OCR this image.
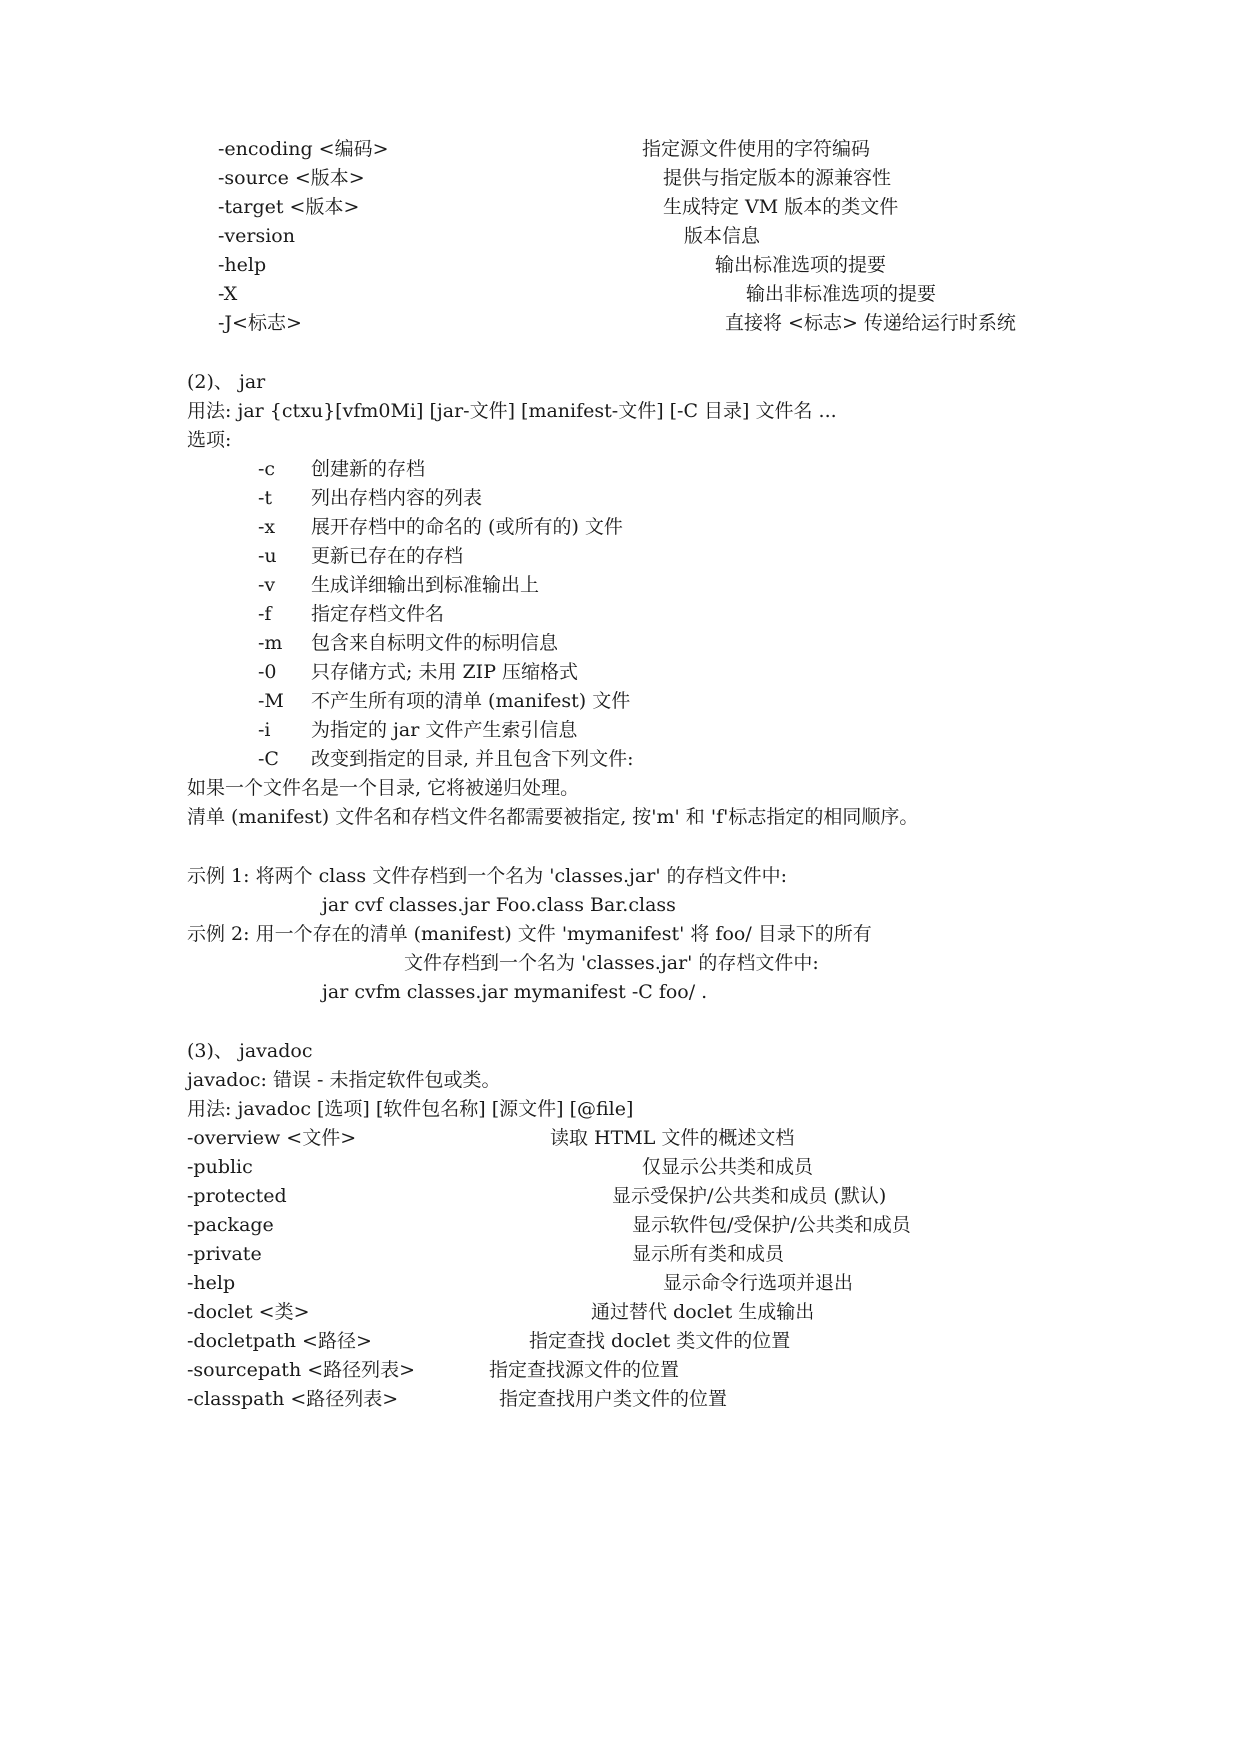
-encoding <编码>	指定源文件使用的字符编码

-source <版本>	提供与指定版本的源兼容性

-target <版本>	生成特定 VM 版本的类文件

-version	版本信息

-help	输出标准选项的提要

-X	输出非标准选项的提要

-J<标志>	直接将 <标志> 传递给运行时系统

(2)、 jar

用法: jar {ctxu}[vfm0Mi] [jar-文件] [manifest-文件] [-C 目录] 文件名 ...

选项:

-c 创建新的存档

-t 列出存档内容的列表

-x 展开存档中的命名的 (或所有的) 文件

-u 更新已存在的存档

-v 生成详细输出到标准输出上

-f 指定存档文件名

-m 包含来自标明文件的标明信息

-0 只存储方式; 未用 ZIP 压缩格式

-M 不产生所有项的清单 (manifest) 文件

-i 为指定的 jar 文件产生索引信息

-C 改变到指定的目录, 并且包含下列文件:

如果一个文件名是一个目录, 它将被递归处理。

清单 (manifest) 文件名和存档文件名都需要被指定, 按'm' 和 'f'标志指定的相同顺序。

示例 1: 将两个 class 文件存档到一个名为 'classes.jar' 的存档文件中:

jar cvf classes.jar Foo.class Bar.class

示例 2: 用一个存在的清单 (manifest) 文件 'mymanifest' 将 foo/ 目录下的所有

文件存档到一个名为 'classes.jar' 的存档文件中:

jar cvfm classes.jar mymanifest -C foo/ .

(3)、 javadoc

javadoc: 错误 - 未指定软件包或类。

用法: javadoc [选项] [软件包名称] [源文件] [@file]

-overview <文件>	读取 HTML 文件的概述文档

-public	仅显示公共类和成员

-protected	显示受保护/公共类和成员 (默认)

-package	显示软件包/受保护/公共类和成员

-private	显示所有类和成员

-help	显示命令行选项并退出

-doclet <类>	通过替代 doclet 生成输出

-docletpath <路径>	指定查找 doclet 类文件的位置

-sourcepath <路径列表>	指定查找源文件的位置

-classpath <路径列表>	指定查找用户类文件的位置
